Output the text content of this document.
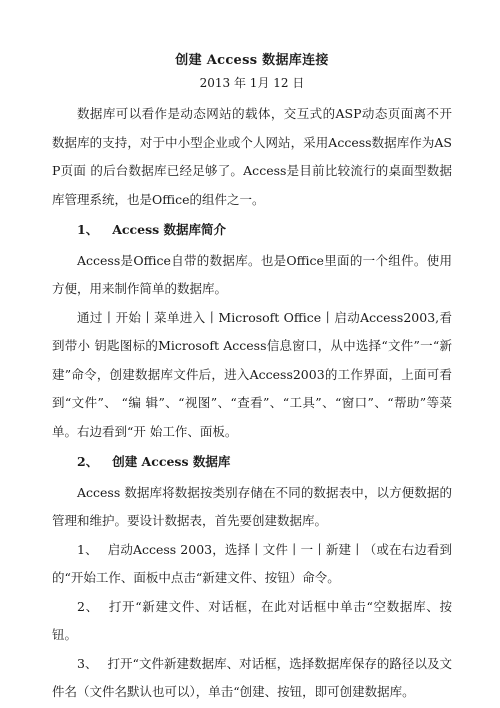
创建 Access 数据库连接
2013 年 1月 12 日

数据库可以看作是动态网站的载体，交互式的ASP动态页面离不开数据库的支持，对于中小型企业或个人网站，采用Access数据库作为ASP页面 的后台数据库已经足够了。Access是目前比较流行的桌面型数据库管理系统，也是Office的组件之一。

1、 Access 数据库简介

Access是Office自带的数据库。也是Office里面的一个组件。使用方便，用来制作简单的数据库。

通过丨开始丨菜单进入丨Microsoft Office丨启动Access2003,看到带小 钥匙图标的Microsoft Access信息窗口，从中选择“文件”一“新建”命令，创建数据库文件后，进入Access2003的工作界面，上面可看到“文件”、 “编 辑”、“视图”、“查看”、“工具”、“窗口”、“帮助”等菜单。右边看到“开 始工作、面板。

2、 创建 Access 数据库

Access 数据库将数据按类别存储在不同的数据表中，以方便数据的管理和维护。要设计数据表，首先要创建数据库。

1、 启动Access 2003，选择丨文件丨一丨新建丨（或在右边看到的“开始工作、面板中点击“新建文件、按钮）命令。

2、 打开“新建文件、对话框，在此对话框中单击“空数据库、按钮。

3、 打开“文件新建数据库、对话框，选择数据库保存的路径以及文件名（文件名默认也可以），单击“创建、按钮，即可创建数据库。
